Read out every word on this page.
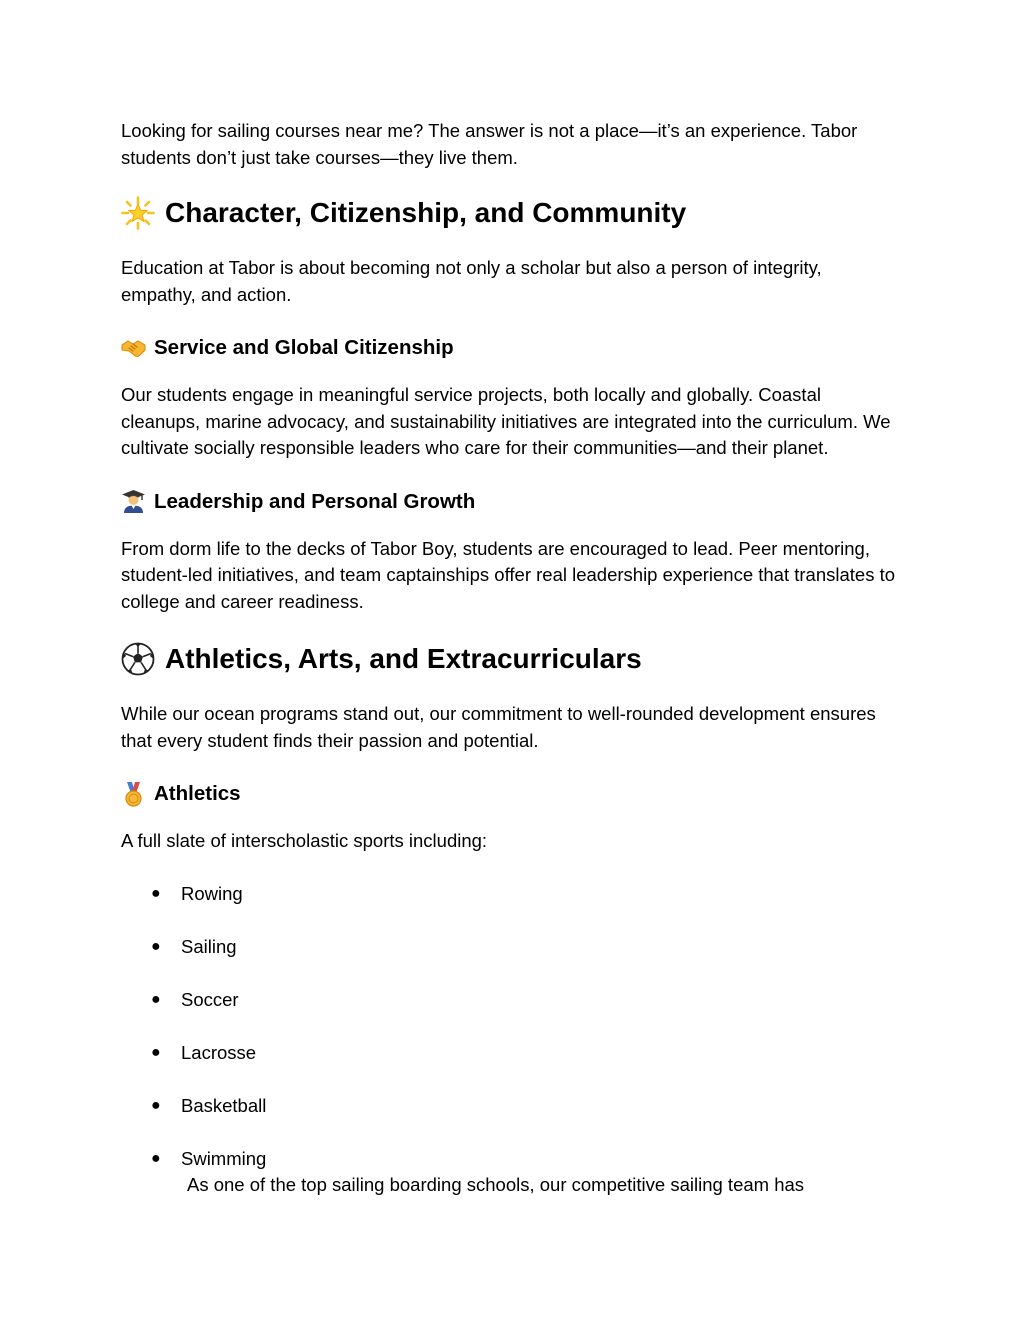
Looking for sailing courses near me? The answer is not a place—it’s an experience. Tabor students don’t just take courses—they live them.

Character, Citizenship, and Community

Education at Tabor is about becoming not only a scholar but also a person of integrity, empathy, and action.

Service and Global Citizenship

Our students engage in meaningful service projects, both locally and globally. Coastal cleanups, marine advocacy, and sustainability initiatives are integrated into the curriculum. We cultivate socially responsible leaders who care for their communities—and their planet.

Leadership and Personal Growth

From dorm life to the decks of Tabor Boy, students are encouraged to lead. Peer mentoring, student-led initiatives, and team captainships offer real leadership experience that translates to college and career readiness.

Athletics, Arts, and Extracurriculars

While our ocean programs stand out, our commitment to well-rounded development ensures that every student finds their passion and potential.

Athletics

A full slate of interscholastic sports including:

● Rowing
● Sailing
● Soccer
● Lacrosse
● Basketball
● Swimming
As one of the top sailing boarding schools, our competitive sailing team has
